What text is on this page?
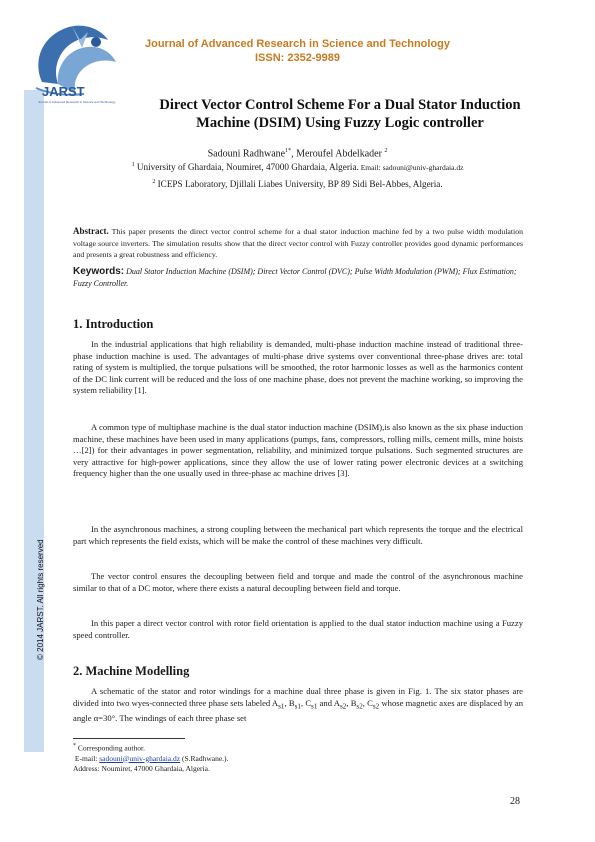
© 2014 JARST. All rights reserved
JARST
Journal of Advanced Research in Science and Technology
Journal of Advanced Research in Science and Technology
ISSN: 2352-9989
Direct Vector Control Scheme For a Dual Stator Induction
Machine (DSIM) Using Fuzzy Logic controller
Sadouni Radhwane$^{1*}$, Meroufel Abdelkader $^2$
$^1$ University of Ghardaia, Noumiret, 47000 Ghardaia, Algeria. Email: sadouni@univ-ghardaia.dz
$^2$ ICEPS Laboratory, Djillali Liabes University, BP 89 Sidi Bel-Abbes, Algeria.
Abstract. This paper presents the direct vector control scheme for a dual stator induction machine fed by a two pulse width modulation voltage source inverters. The simulation results show that the direct vector control with Fuzzy controller provides good dynamic performances and presents a great robustness and efficiency.
Keywords: Dual Stator Induction Machine (DSIM); Direct Vector Control (DVC); Pulse Width Modulation (PWM); Flux Estimation; Fuzzy Controller.
1. Introduction

In the industrial applications that high reliability is demanded, multi-phase induction machine instead of traditional three-phase induction machine is used. The advantages of multi-phase drive systems over conventional three-phase drives are: total rating of system is multiplied, the torque pulsations will be smoothed, the rotor harmonic losses as well as the harmonics content of the DC link current will be reduced and the loss of one machine phase, does not prevent the machine working, so improving the system reliability [1].

A common type of multiphase machine is the dual stator induction machine (DSIM),is also known as the six phase induction machine, these machines have been used in many applications (pumps, fans, compressors, rolling mills, cement mills, mine hoists …[2]) for their advantages in power segmentation, reliability, and minimized torque pulsations. Such segmented structures are very attractive for high-power applications, since they allow the use of lower rating power electronic devices at a switching frequency higher than the one usually used in three-phase ac machine drives [3].

In the asynchronous machines, a strong coupling between the mechanical part which represents the torque and the electrical part which represents the field exists, which will be make the control of these machines very difficult.

The vector control ensures the decoupling between field and torque and made the control of the asynchronous machine similar to that of a DC motor, where there exists a natural decoupling between field and torque.

In this paper a direct vector control with rotor field orientation is applied to the dual stator induction machine using a Fuzzy speed controller.

2. Machine Modelling

A schematic of the stator and rotor windings for a machine dual three phase is given in Fig. 1. The six stator phases are divided into two wyes-connected three phase sets labeled $A_{s1}$, $B_{s1}$, $C_{s1}$ and $A_{s2}$, $B_{s2}$, $C_{s2}$ whose magnetic axes are displaced by an angle α=30°. The windings of each three phase set

* Corresponding author.
E-mail: sadouni@univ-ghardaia.dz (S.Radhwane.).
Address: Noumiret, 47000 Ghardaia, Algeria.
28
